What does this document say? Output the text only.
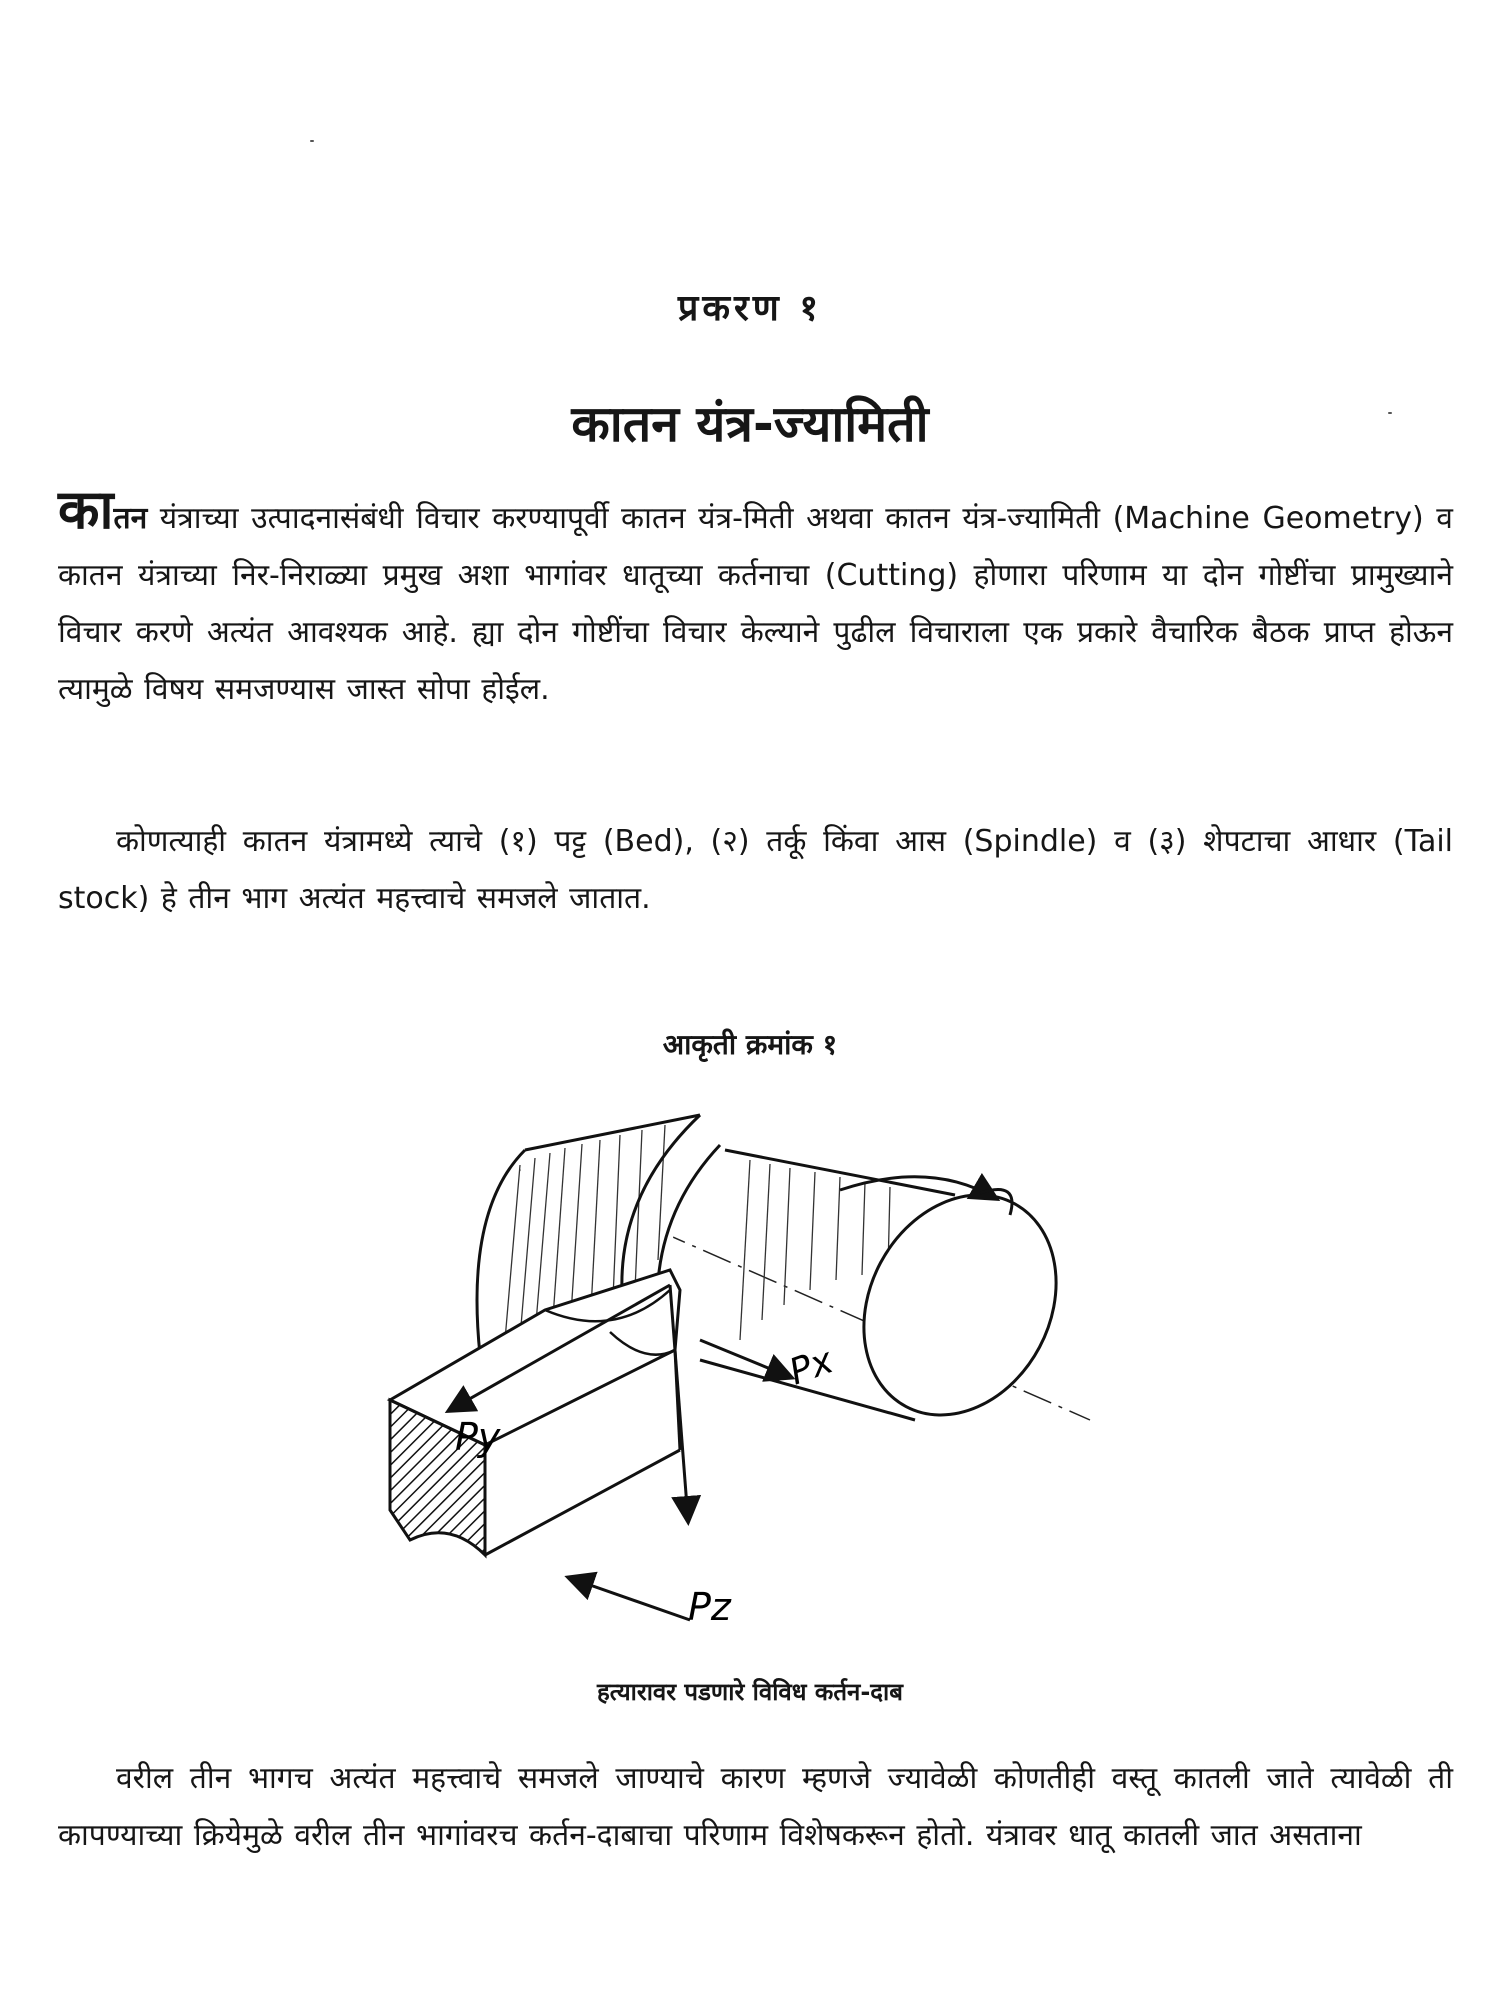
प्रकरण १
कातन यंत्र-ज्यामिती
कातन यंत्राच्या उत्पादनासंबंधी विचार करण्यापूर्वी कातन यंत्र-मिती अथवा कातन यंत्र-ज्यामिती (Machine Geometry) व कातन यंत्राच्या निर-निराळ्या प्रमुख अशा भागांवर धातूच्या कर्तनाचा (Cutting) होणारा परिणाम या दोन गोष्टींचा प्रामुख्याने विचार करणे अत्यंत आवश्यक आहे. ह्या दोन गोष्टींचा विचार केल्याने पुढील विचाराला एक प्रकारे वैचारिक बैठक प्राप्त होऊन त्यामुळे विषय समजण्यास जास्त सोपा होईल.
कोणत्याही कातन यंत्रामध्ये त्याचे (१) पट्ट (Bed), (२) तर्कू किंवा आस (Spindle) व (३) शेपटाचा आधार (Tail stock) हे तीन भाग अत्यंत महत्त्वाचे समजले जातात.
आकृती क्रमांक १
Px
Py
Pz
हत्यारावर पडणारे विविध कर्तन-दाब
वरील तीन भागच अत्यंत महत्त्वाचे समजले जाण्याचे कारण म्हणजे ज्यावेळी कोणतीही वस्तू कातली जाते त्यावेळी ती कापण्याच्या क्रियेमुळे वरील तीन भागांवरच कर्तन-दाबाचा परिणाम विशेषकरून होतो. यंत्रावर धातू कातली जात असताना
